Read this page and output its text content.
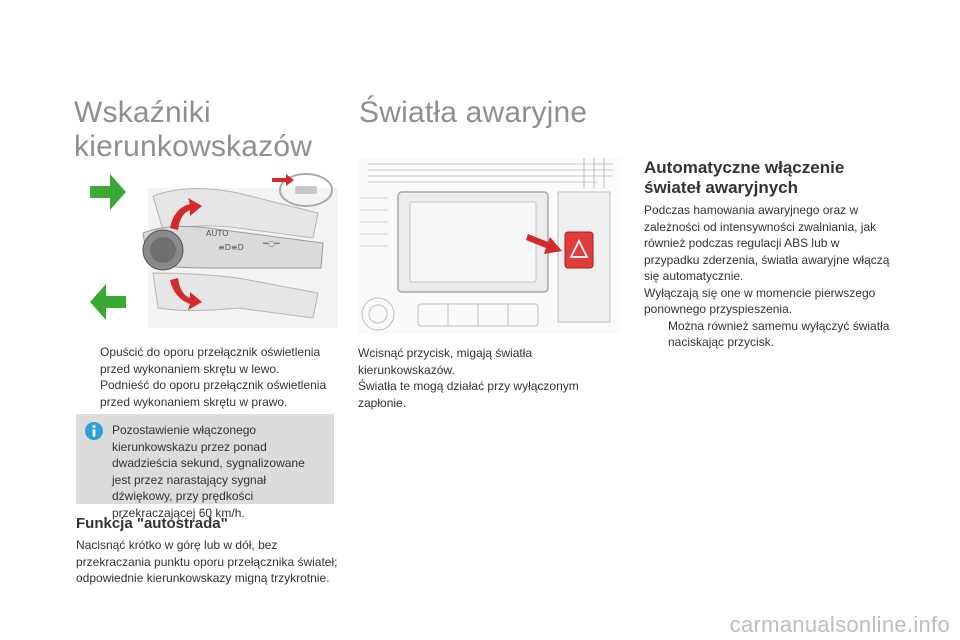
Wskaźniki
kierunkowskazów
AUTO
≡D≡D ━○━
Opuścić do oporu przełącznik oświetlenia przed wykonaniem skrętu w lewo.
Podnieść do oporu przełącznik oświetlenia przed wykonaniem skrętu w prawo.
Pozostawienie włączonego kierunkowskazu przez ponad dwadzieścia sekund, sygnalizowane jest przez narastający sygnał dźwiękowy, przy prędkości przekraczającej 60 km/h.
Funkcja "autostrada"
Nacisnąć krótko w górę lub w dół, bez przekraczania punktu oporu przełącznika świateł; odpowiednie kierunkowskazy migną trzykrotnie.
Światła awaryjne
Wcisnąć przycisk, migają światła kierunkowskazów.
Światła te mogą działać przy wyłączonym zapłonie.
Automatyczne włączenie świateł awaryjnych
Podczas hamowania awaryjnego oraz w zależności od intensywności zwalniania, jak również podczas regulacji ABS lub w przypadku zderzenia, światła awaryjne włączą się automatycznie.
Wyłączają się one w momencie pierwszego ponownego przyspieszenia.
Można również samemu wyłączyć światła naciskając przycisk.
carmanualsonline.info
